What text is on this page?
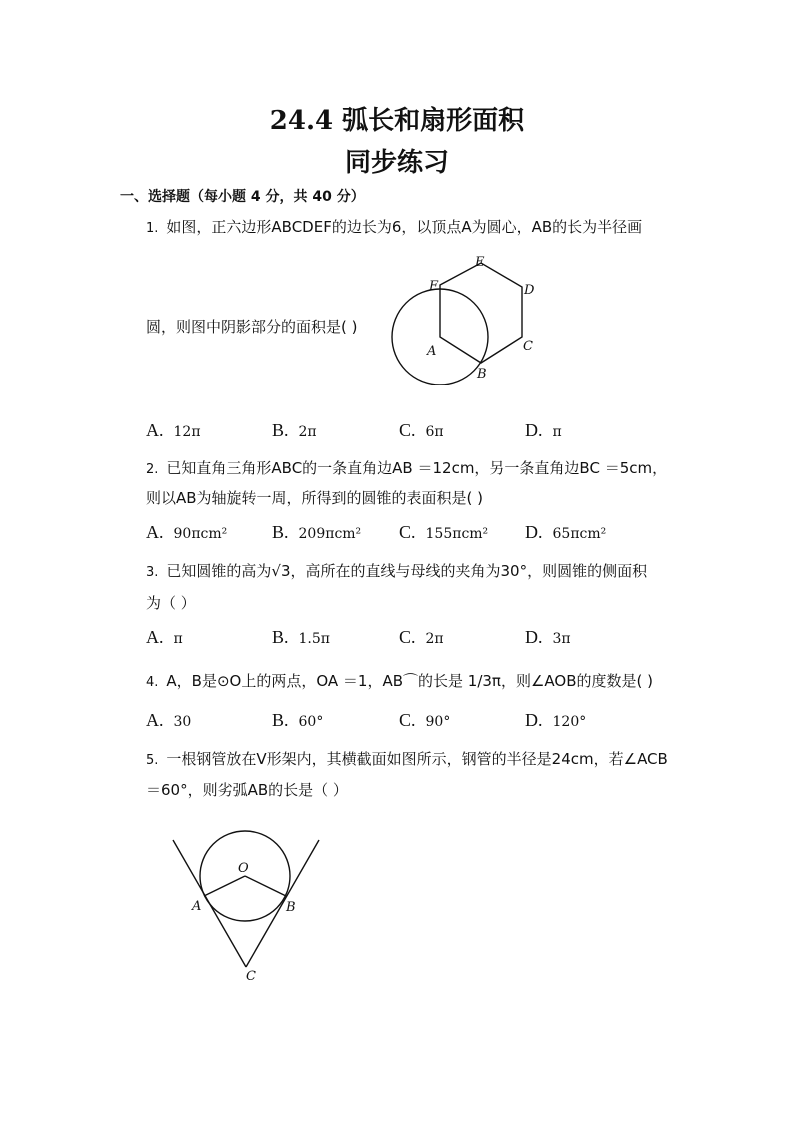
24.4 弧长和扇形面积
同步练习
一、选择题（每小题 4 分，共 40 分）
1. 如图，正六边形ABCDEF的边长为6，以顶点A为圆心，AB的长为半径画
圆，则图中阴影部分的面积是( )
F
E
D
C
B
A
A. 12π	B. 2π	C. 6π	D. π
2. 已知直角三角形ABC的一条直角边AB ＝12cm，另一条直角边BC ＝5cm，
则以AB为轴旋转一周，所得到的圆锥的表面积是( )
A. 90πcm² B. 209πcm² C. 155πcm² D. 65πcm²
3. 已知圆锥的高为√3，高所在的直线与母线的夹角为30°，则圆锥的侧面积
为（ ）
A. π	B. 1.5π	C. 2π	D. 3π
4. A，B是⊙O上的两点，OA ＝1，AB⌒的长是 1/3π，则∠AOB的度数是( )
A. 30	B. 60°	C. 90°	D. 120°
5. 一根钢管放在V形架内，其横截面如图所示，钢管的半径是24cm，若∠ACB
＝60°，则劣弧AB的长是（ ）
O
A	B
C
